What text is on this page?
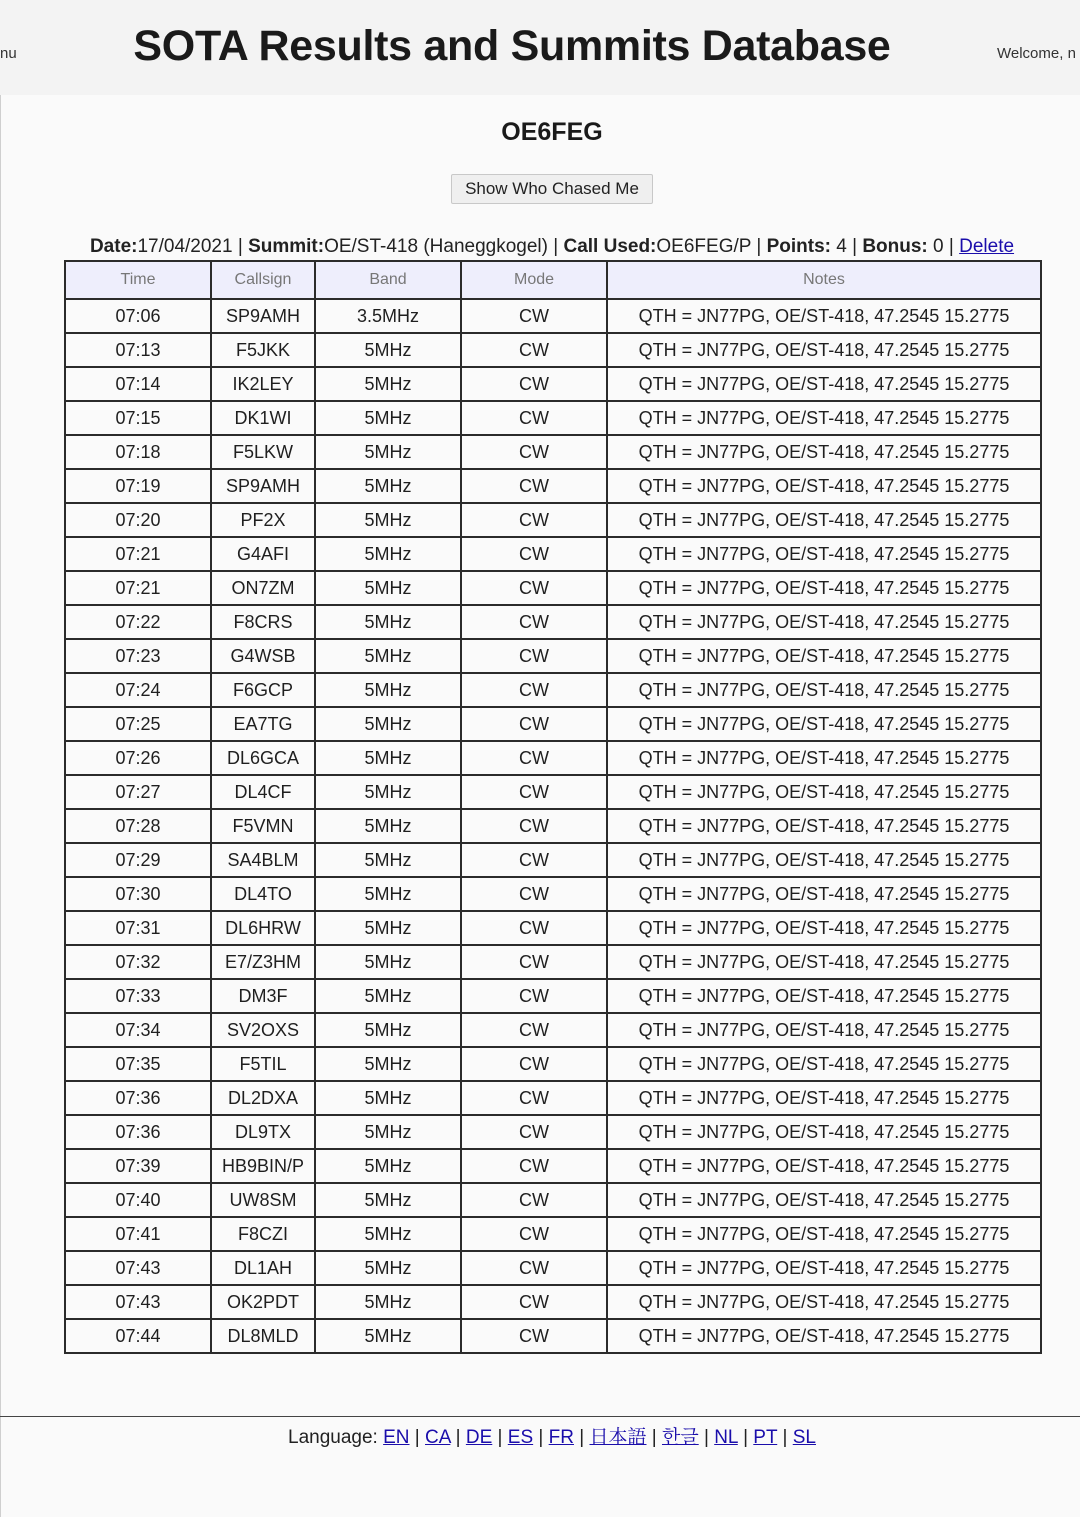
nu	SOTA Results and Summits Database	Welcome, n
OE6FEG
Show Who Chased Me
Date:17/04/2021 | Summit:OE/ST-418 (Haneggkogel) | Call Used:OE6FEG/P | Points: 4 | Bonus: 0 | Delete
Time	Callsign	Band	Mode	Notes
07:06	SP9AMH	3.5MHz	CW	QTH = JN77PG, OE/ST-418, 47.2545 15.2775
07:13	F5JKK	5MHz	CW	QTH = JN77PG, OE/ST-418, 47.2545 15.2775
07:14	IK2LEY	5MHz	CW	QTH = JN77PG, OE/ST-418, 47.2545 15.2775
07:15	DK1WI	5MHz	CW	QTH = JN77PG, OE/ST-418, 47.2545 15.2775
07:18	F5LKW	5MHz	CW	QTH = JN77PG, OE/ST-418, 47.2545 15.2775
07:19	SP9AMH	5MHz	CW	QTH = JN77PG, OE/ST-418, 47.2545 15.2775
07:20	PF2X	5MHz	CW	QTH = JN77PG, OE/ST-418, 47.2545 15.2775
07:21	G4AFI	5MHz	CW	QTH = JN77PG, OE/ST-418, 47.2545 15.2775
07:21	ON7ZM	5MHz	CW	QTH = JN77PG, OE/ST-418, 47.2545 15.2775
07:22	F8CRS	5MHz	CW	QTH = JN77PG, OE/ST-418, 47.2545 15.2775
07:23	G4WSB	5MHz	CW	QTH = JN77PG, OE/ST-418, 47.2545 15.2775
07:24	F6GCP	5MHz	CW	QTH = JN77PG, OE/ST-418, 47.2545 15.2775
07:25	EA7TG	5MHz	CW	QTH = JN77PG, OE/ST-418, 47.2545 15.2775
07:26	DL6GCA	5MHz	CW	QTH = JN77PG, OE/ST-418, 47.2545 15.2775
07:27	DL4CF	5MHz	CW	QTH = JN77PG, OE/ST-418, 47.2545 15.2775
07:28	F5VMN	5MHz	CW	QTH = JN77PG, OE/ST-418, 47.2545 15.2775
07:29	SA4BLM	5MHz	CW	QTH = JN77PG, OE/ST-418, 47.2545 15.2775
07:30	DL4TO	5MHz	CW	QTH = JN77PG, OE/ST-418, 47.2545 15.2775
07:31	DL6HRW	5MHz	CW	QTH = JN77PG, OE/ST-418, 47.2545 15.2775
07:32	E7/Z3HM	5MHz	CW	QTH = JN77PG, OE/ST-418, 47.2545 15.2775
07:33	DM3F	5MHz	CW	QTH = JN77PG, OE/ST-418, 47.2545 15.2775
07:34	SV2OXS	5MHz	CW	QTH = JN77PG, OE/ST-418, 47.2545 15.2775
07:35	F5TIL	5MHz	CW	QTH = JN77PG, OE/ST-418, 47.2545 15.2775
07:36	DL2DXA	5MHz	CW	QTH = JN77PG, OE/ST-418, 47.2545 15.2775
07:36	DL9TX	5MHz	CW	QTH = JN77PG, OE/ST-418, 47.2545 15.2775
07:39	HB9BIN/P	5MHz	CW	QTH = JN77PG, OE/ST-418, 47.2545 15.2775
07:40	UW8SM	5MHz	CW	QTH = JN77PG, OE/ST-418, 47.2545 15.2775
07:41	F8CZI	5MHz	CW	QTH = JN77PG, OE/ST-418, 47.2545 15.2775
07:43	DL1AH	5MHz	CW	QTH = JN77PG, OE/ST-418, 47.2545 15.2775
07:43	OK2PDT	5MHz	CW	QTH = JN77PG, OE/ST-418, 47.2545 15.2775
07:44	DL8MLD	5MHz	CW	QTH = JN77PG, OE/ST-418, 47.2545 15.2775
Language: EN | CA | DE | ES | FR | 日本語 | 한글 | NL | PT | SL
